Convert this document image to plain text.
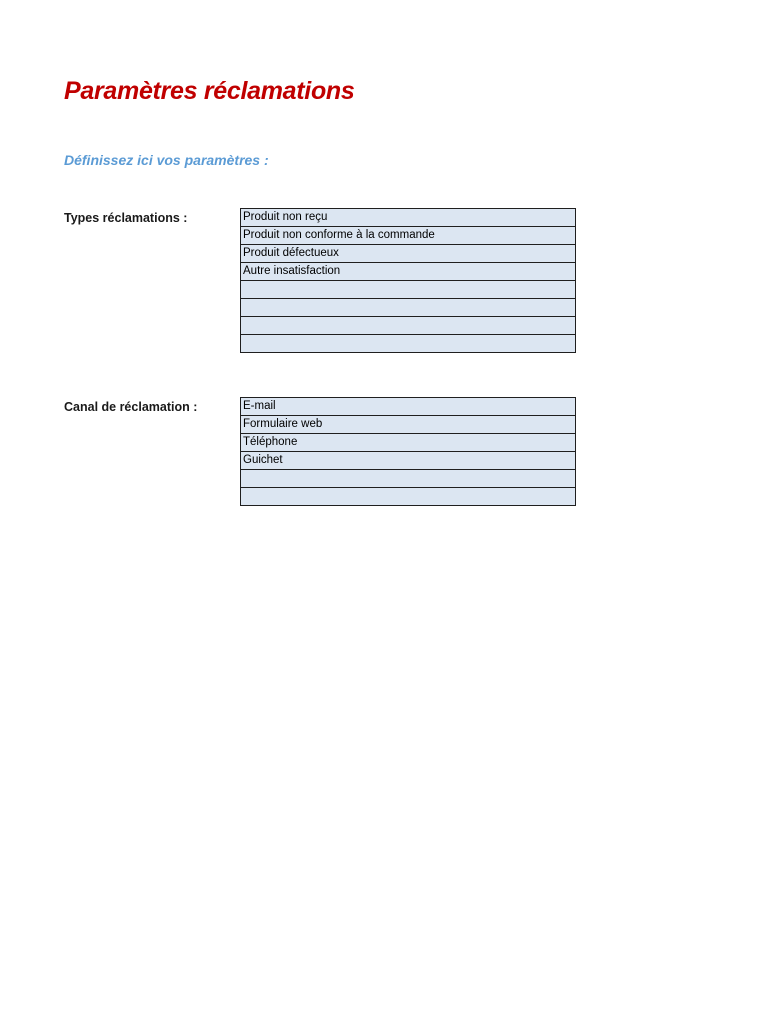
Paramètres réclamations
Définissez ici vos paramètres :
Types réclamations :	Produit non reçu
Produit non conforme à la commande
Produit défectueux
Autre insatisfaction

Canal de réclamation :	E-mail
Formulaire web
Téléphone
Guichet
